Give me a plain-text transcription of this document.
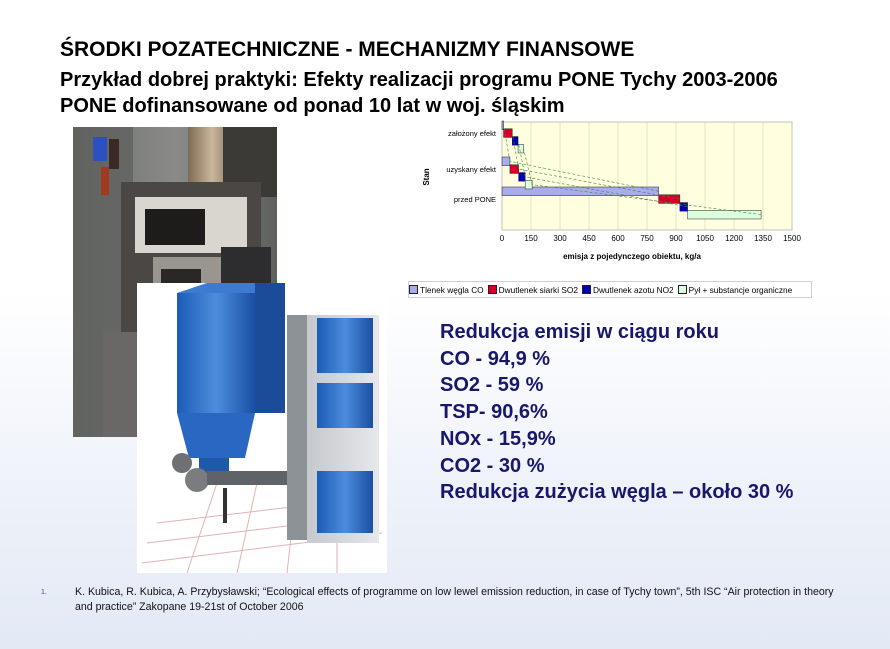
ŚRODKI POZATECHNICZNE - MECHANIZMY FINANSOWE
Przykład dobrej praktyki: Efekty realizacji programu PONE Tychy 2003-2006
PONE dofinansowane od ponad 10 lat w woj. śląskim
Stan
emisja z pojedynczego obiektu, kg/a
0	150 300 450 600 750 900 1050 1200 1350 1500
przed PONE
uzyskany efekt
założony efekt
Tlenek węgla CO Dwutlenek siarki SO2 Dwutlenek azotu NO2 Pył + substancje organiczne
Redukcja emisji w ciągu roku
CO - 94,9 %
SO2 - 59 %
TSP- 90,6%
NOx - 15,9%
CO2 - 30 %
Redukcja zużycia węgla – około 30 %
1.	K. Kubica, R. Kubica, A. Przybysławski; “Ecological effects of programme on low lewel emission reduction, in case of Tychy town”, 5th ISC “Air protection in theory and practice” Zakopane 19-21st of October 2006
